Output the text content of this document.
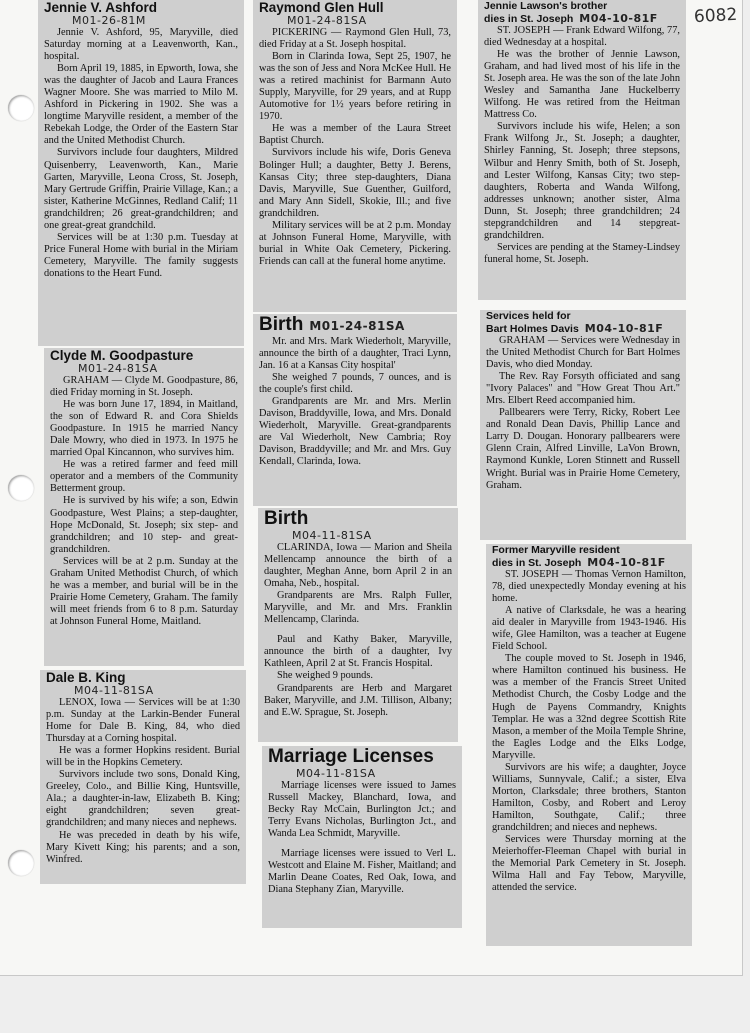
6082
Jennie V. Ashford
M01-26-81M

Jennie V. Ashford, 95, Maryville, died Saturday morning at a Leavenworth, Kan., hospital.

Born April 19, 1885, in Epworth, Iowa, she was the daughter of Jacob and Laura Frances Wagner Moore. She was married to Milo M. Ashford in Pickering in 1902. She was a longtime Maryville resident, a member of the Rebekah Lodge, the Order of the Eastern Star and the United Methodist Church.

Survivors include four daughters, Mildred Quisenberry, Leavenworth, Kan., Marie Garten, Maryville, Leona Cross, St. Joseph, Mary Gertrude Griffin, Prairie Village, Kan.; a sister, Katherine McGinnes, Redland Calif; 11 grandchildren; 26 great-grandchildren; and one great-great grandchild.

Services will be at 1:30 p.m. Tuesday at Price Funeral Home with burial in the Miriam Cemetery, Maryville. The family suggests donations to the Heart Fund.

Clyde M. Goodpasture
M01-24-81SA

GRAHAM — Clyde M. Goodpasture, 86, died Friday morning in St. Joseph.

He was born June 17, 1894, in Maitland, the son of Edward R. and Cora Shields Goodpasture. In 1915 he married Nancy Dale Mowry, who died in 1973. In 1975 he married Opal Kincannon, who survives him.

He was a retired farmer and feed mill operator and a members of the Community Betterment group.

He is survived by his wife; a son, Edwin Goodpasture, West Plains; a step-daughter, Hope McDonald, St. Joseph; six step- and grandchildren; and 10 step- and great-grandchildren.

Services will be at 2 p.m. Sunday at the Graham United Methodist Church, of which he was a member, and burial will be in the Prairie Home Cemetery, Graham. The family will meet friends from 6 to 8 p.m. Saturday at Johnson Funeral Home, Maitland.

Dale B. King
M04-11-81SA

LENOX, Iowa — Services will be at 1:30 p.m. Sunday at the Larkin-Bender Funeral Home for Dale B. King, 84, who died Thursday at a Corning hospital.

He was a former Hopkins resident. Burial will be in the Hopkins Cemetery.

Survivors include two sons, Donald King, Greeley, Colo., and Billie King, Huntsville, Ala.; a daughter-in-law, Elizabeth B. King; eight grandchildren; seven great-grandchildren; and many nieces and nephews.

He was preceded in death by his wife, Mary Kivett King; his parents; and a son, Winfred.

Raymond Glen Hull
M01-24-81SA

PICKERING — Raymond Glen Hull, 73, died Friday at a St. Joseph hospital.

Born in Clarinda Iowa, Sept 25, 1907, he was the son of Jess and Nora McKee Hull. He was a retired machinist for Barmann Auto Supply, Maryville, for 29 years, and at Rupp Automotive for 1½ years before retiring in 1970.

He was a member of the Laura Street Baptist Church.

Survivors include his wife, Doris Geneva Bolinger Hull; a daughter, Betty J. Berens, Kansas City; three step-daughters, Diana Davis, Maryville, Sue Guenther, Guilford, and Mary Ann Sidell, Skokie, Ill.; and five grandchildren.

Military services will be at 2 p.m. Monday at Johnson Funeral Home, Maryville, with burial in White Oak Cemetery, Pickering. Friends can call at the funeral home anytime.

Birth M01-24-81SA

Mr. and Mrs. Mark Wiederholt, Maryville, announce the birth of a daughter, Traci Lynn, Jan. 16 at a Kansas City hospital'

She weighed 7 pounds, 7 ounces, and is the couple's first child.

Grandparents are Mr. and Mrs. Merlin Davison, Braddyville, Iowa, and Mrs. Donald Wiederholt, Maryville. Great-grandparents are Val Wiederholt, New Cambria; Roy Davison, Braddyville; and Mr. and Mrs. Guy Kendall, Clarinda, Iowa.

Birth
M04-11-81SA

CLARINDA, Iowa — Marion and Sheila Mellencamp announce the birth of a daughter, Meghan Anne, born April 2 in an Omaha, Neb., hospital.

Grandparents are Mrs. Ralph Fuller, Maryville, and Mr. and Mrs. Franklin Mellencamp, Clarinda.

Paul and Kathy Baker, Maryville, announce the birth of a daughter, Ivy Kathleen, April 2 at St. Francis Hospital.

She weighed 9 pounds.

Grandparents are Herb and Margaret Baker, Maryville, and J.M. Tillison, Albany; and E.W. Sprague, St. Joseph.

Marriage Licenses
M04-11-81SA

Marriage licenses were issued to James Russell Mackey, Blanchard, Iowa, and Becky Ray McCain, Burlington Jct.; and Terry Evans Nicholas, Burlington Jct., and Wanda Lea Schmidt, Maryville.

Marriage licenses were issued to Verl L. Westcott and Elaine M. Fisher, Maitland; and Marlin Deane Coates, Red Oak, Iowa, and Diana Stephany Zian, Maryville.

Jennie Lawson's brother
dies in St. Joseph M04-10-81F

ST. JOSEPH — Frank Edward Wilfong, 77, died Wednesday at a hospital.

He was the brother of Jennie Lawson, Graham, and had lived most of his life in the St. Joseph area. He was the son of the late John Wesley and Samantha Jane Huckelberry Wilfong. He was retired from the Heitman Mattress Co.

Survivors include his wife, Helen; a son Frank Wilfong Jr., St. Joseph; a daughter, Shirley Fanning, St. Joseph; three stepsons, Wilbur and Henry Smith, both of St. Joseph, and Lester Wilfong, Kansas City; two step-daughters, Roberta and Wanda Wilfong, addresses unknown; another sister, Alma Dunn, St. Joseph; three grandchildren; 24 stepgrandchildren and 14 stepgreat-grandchildren.

Services are pending at the Stamey-Lindsey funeral home, St. Joseph.

Services held for
Bart Holmes Davis M04-10-81F

GRAHAM — Services were Wednesday in the United Methodist Church for Bart Holmes Davis, who died Monday.

The Rev. Ray Forsyth officiated and sang "Ivory Palaces" and "How Great Thou Art." Mrs. Elbert Reed accompanied him.

Pallbearers were Terry, Ricky, Robert Lee and Ronald Dean Davis, Phillip Lance and Larry D. Dougan. Honorary pallbearers were Glenn Crain, Alfred Linville, LaVon Brown, Raymond Kunkle, Loren Stinnett and Russell Wright. Burial was in Prairie Home Cemetery, Graham.

Former Maryville resident
dies in St. Joseph M04-10-81F

ST. JOSEPH — Thomas Vernon Hamilton, 78, died unexpectedly Monday evening at his home.

A native of Clarksdale, he was a hearing aid dealer in Maryville from 1943-1946. His wife, Glee Hamilton, was a teacher at Eugene Field School.

The couple moved to St. Joseph in 1946, where Hamilton continued his business. He was a member of the Francis Street United Methodist Church, the Cosby Lodge and the Hugh de Payens Commandry, Knights Templar. He was a 32nd degree Scottish Rite Mason, a member of the Moila Temple Shrine, the Eagles Lodge and the Elks Lodge, Maryville.

Survivors are his wife; a daughter, Joyce Williams, Sunnyvale, Calif.; a sister, Elva Morton, Clarksdale; three brothers, Stanton Hamilton, Cosby, and Robert and Leroy Hamilton, Southgate, Calif.; three grandchildren; and nieces and nephews.

Services were Thursday morning at the Meierhoffer-Fleeman Chapel with burial in the Memorial Park Cemetery in St. Joseph. Wilma Hall and Fay Tebow, Maryville, attended the service.
